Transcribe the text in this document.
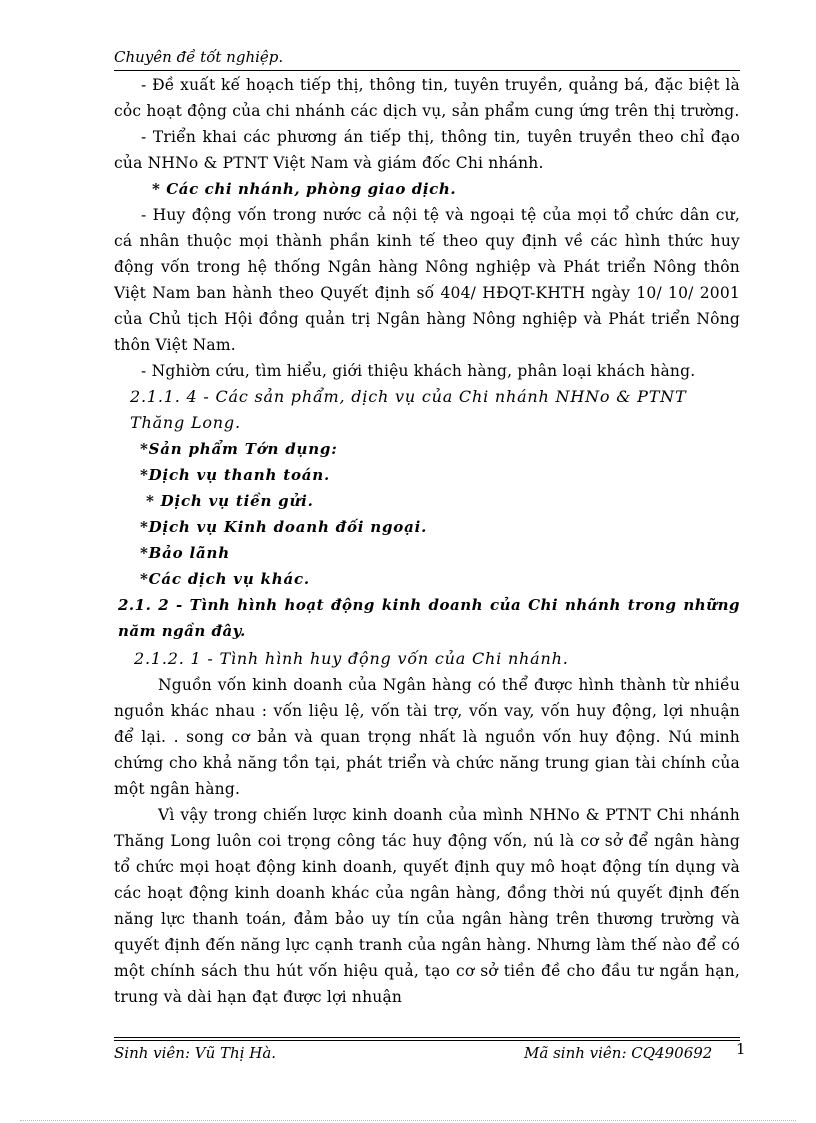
Chuyên đề tốt nghiệp.

- Đề xuất kế hoạch tiếp thị, thông tin, tuyên truyền, quảng bá, đặc biệt là cỏc hoạt động của chi nhánh các dịch vụ, sản phẩm cung ứng trên thị trường.

- Triển khai các phương án tiếp thị, thông tin, tuyên truyền theo chỉ đạo của NHNo & PTNT Việt Nam và giám đốc Chi nhánh.

* Các chi nhánh, phòng giao dịch.

- Huy động vốn trong nước cả nội tệ và ngoại tệ của mọi tổ chức dân cư, cá nhân thuộc mọi thành phần kinh tế theo quy định về các hình thức huy động vốn trong hệ thống Ngân hàng Nông nghiệp và Phát triển Nông thôn Việt Nam ban hành theo Quyết định số 404/ HĐQT-KHTH ngày 10/ 10/ 2001 của Chủ tịch Hội đồng quản trị Ngân hàng Nông nghiệp và Phát triển Nông thôn Việt Nam.

- Nghiờn cứu, tìm hiểu, giới thiệu khách hàng, phân loại khách hàng.

2.1.1. 4 - Các sản phẩm, dịch vụ của Chi nhánh NHNo & PTNT Thăng Long.

*Sản phẩm Tớn dụng:

*Dịch vụ thanh toán.

* Dịch vụ tiền gửi.

*Dịch vụ Kinh doanh đối ngoại.

*Bảo lãnh

*Các dịch vụ khác.

2.1. 2 - Tình hình hoạt động kinh doanh của Chi nhánh trong những năm ngần đây.

2.1.2. 1 - Tình hình huy động vốn của Chi nhánh.

Nguồn vốn kinh doanh của Ngân hàng có thể được hình thành từ nhiều nguồn khác nhau : vốn liệu lệ, vốn tài trợ, vốn vay, vốn huy động, lợi nhuận để lại. . song cơ bản và quan trọng nhất là nguồn vốn huy động. Nú minh chứng cho khả năng tồn tại, phát triển và chức năng trung gian tài chính của một ngân hàng.

Vì vậy trong chiến lược kinh doanh của mình NHNo & PTNT Chi nhánh Thăng Long luôn coi trọng công tác huy động vốn, nú là cơ sở để ngân hàng tổ chức mọi hoạt động kinh doanh, quyết định quy mô hoạt động tín dụng và các hoạt động kinh doanh khác của ngân hàng, đồng thời nú quyết định đến năng lực thanh toán, đảm bảo uy tín của ngân hàng trên thương trường và quyết định đến năng lực cạnh tranh của ngân hàng. Nhưng làm thế nào để có một chính sách thu hút vốn hiệu quả, tạo cơ sở tiền đề cho đầu tư ngắn hạn, trung và dài hạn đạt được lợi nhuận

Sinh viên: Vũ Thị Hà.	Mã sinh viên: CQ490692 1
